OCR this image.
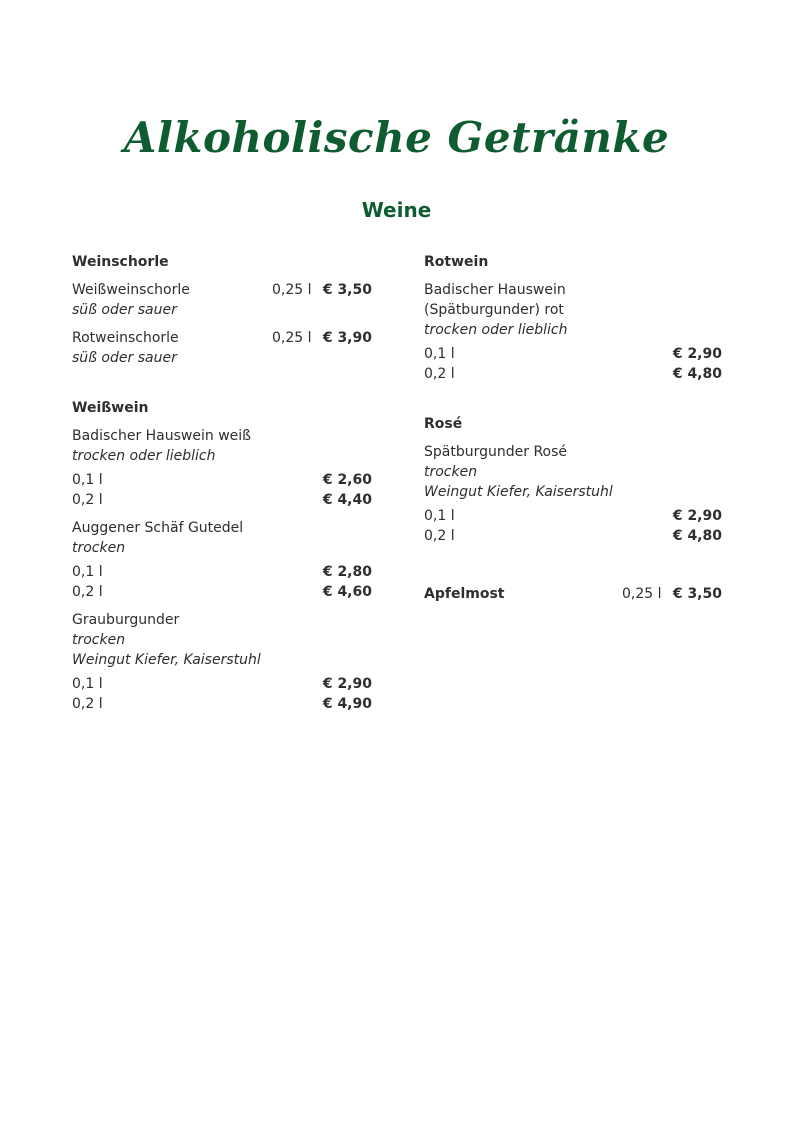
Alkoholische Getränke
Weine
Weinschorle
Weißweinschorle	0,25 l € 3,50
süß oder sauer
Rotweinschorle	0,25 l € 3,90
süß oder sauer
Weißwein
Badischer Hauswein weiß
trocken oder lieblich
0,1 l	€ 2,60
0,2 l	€ 4,40
Auggener Schäf Gutedel
trocken
0,1 l	€ 2,80
0,2 l	€ 4,60
Grauburgunder
trocken
Weingut Kiefer, Kaiserstuhl
0,1 l	€ 2,90
0,2 l	€ 4,90
Rotwein
Badischer Hauswein
(Spätburgunder) rot
trocken oder lieblich
0,1 l	€ 2,90
0,2 l	€ 4,80
Rosé
Spätburgunder Rosé
trocken
Weingut Kiefer, Kaiserstuhl
0,1 l	€ 2,90
0,2 l	€ 4,80
Apfelmost	0,25 l € 3,50
